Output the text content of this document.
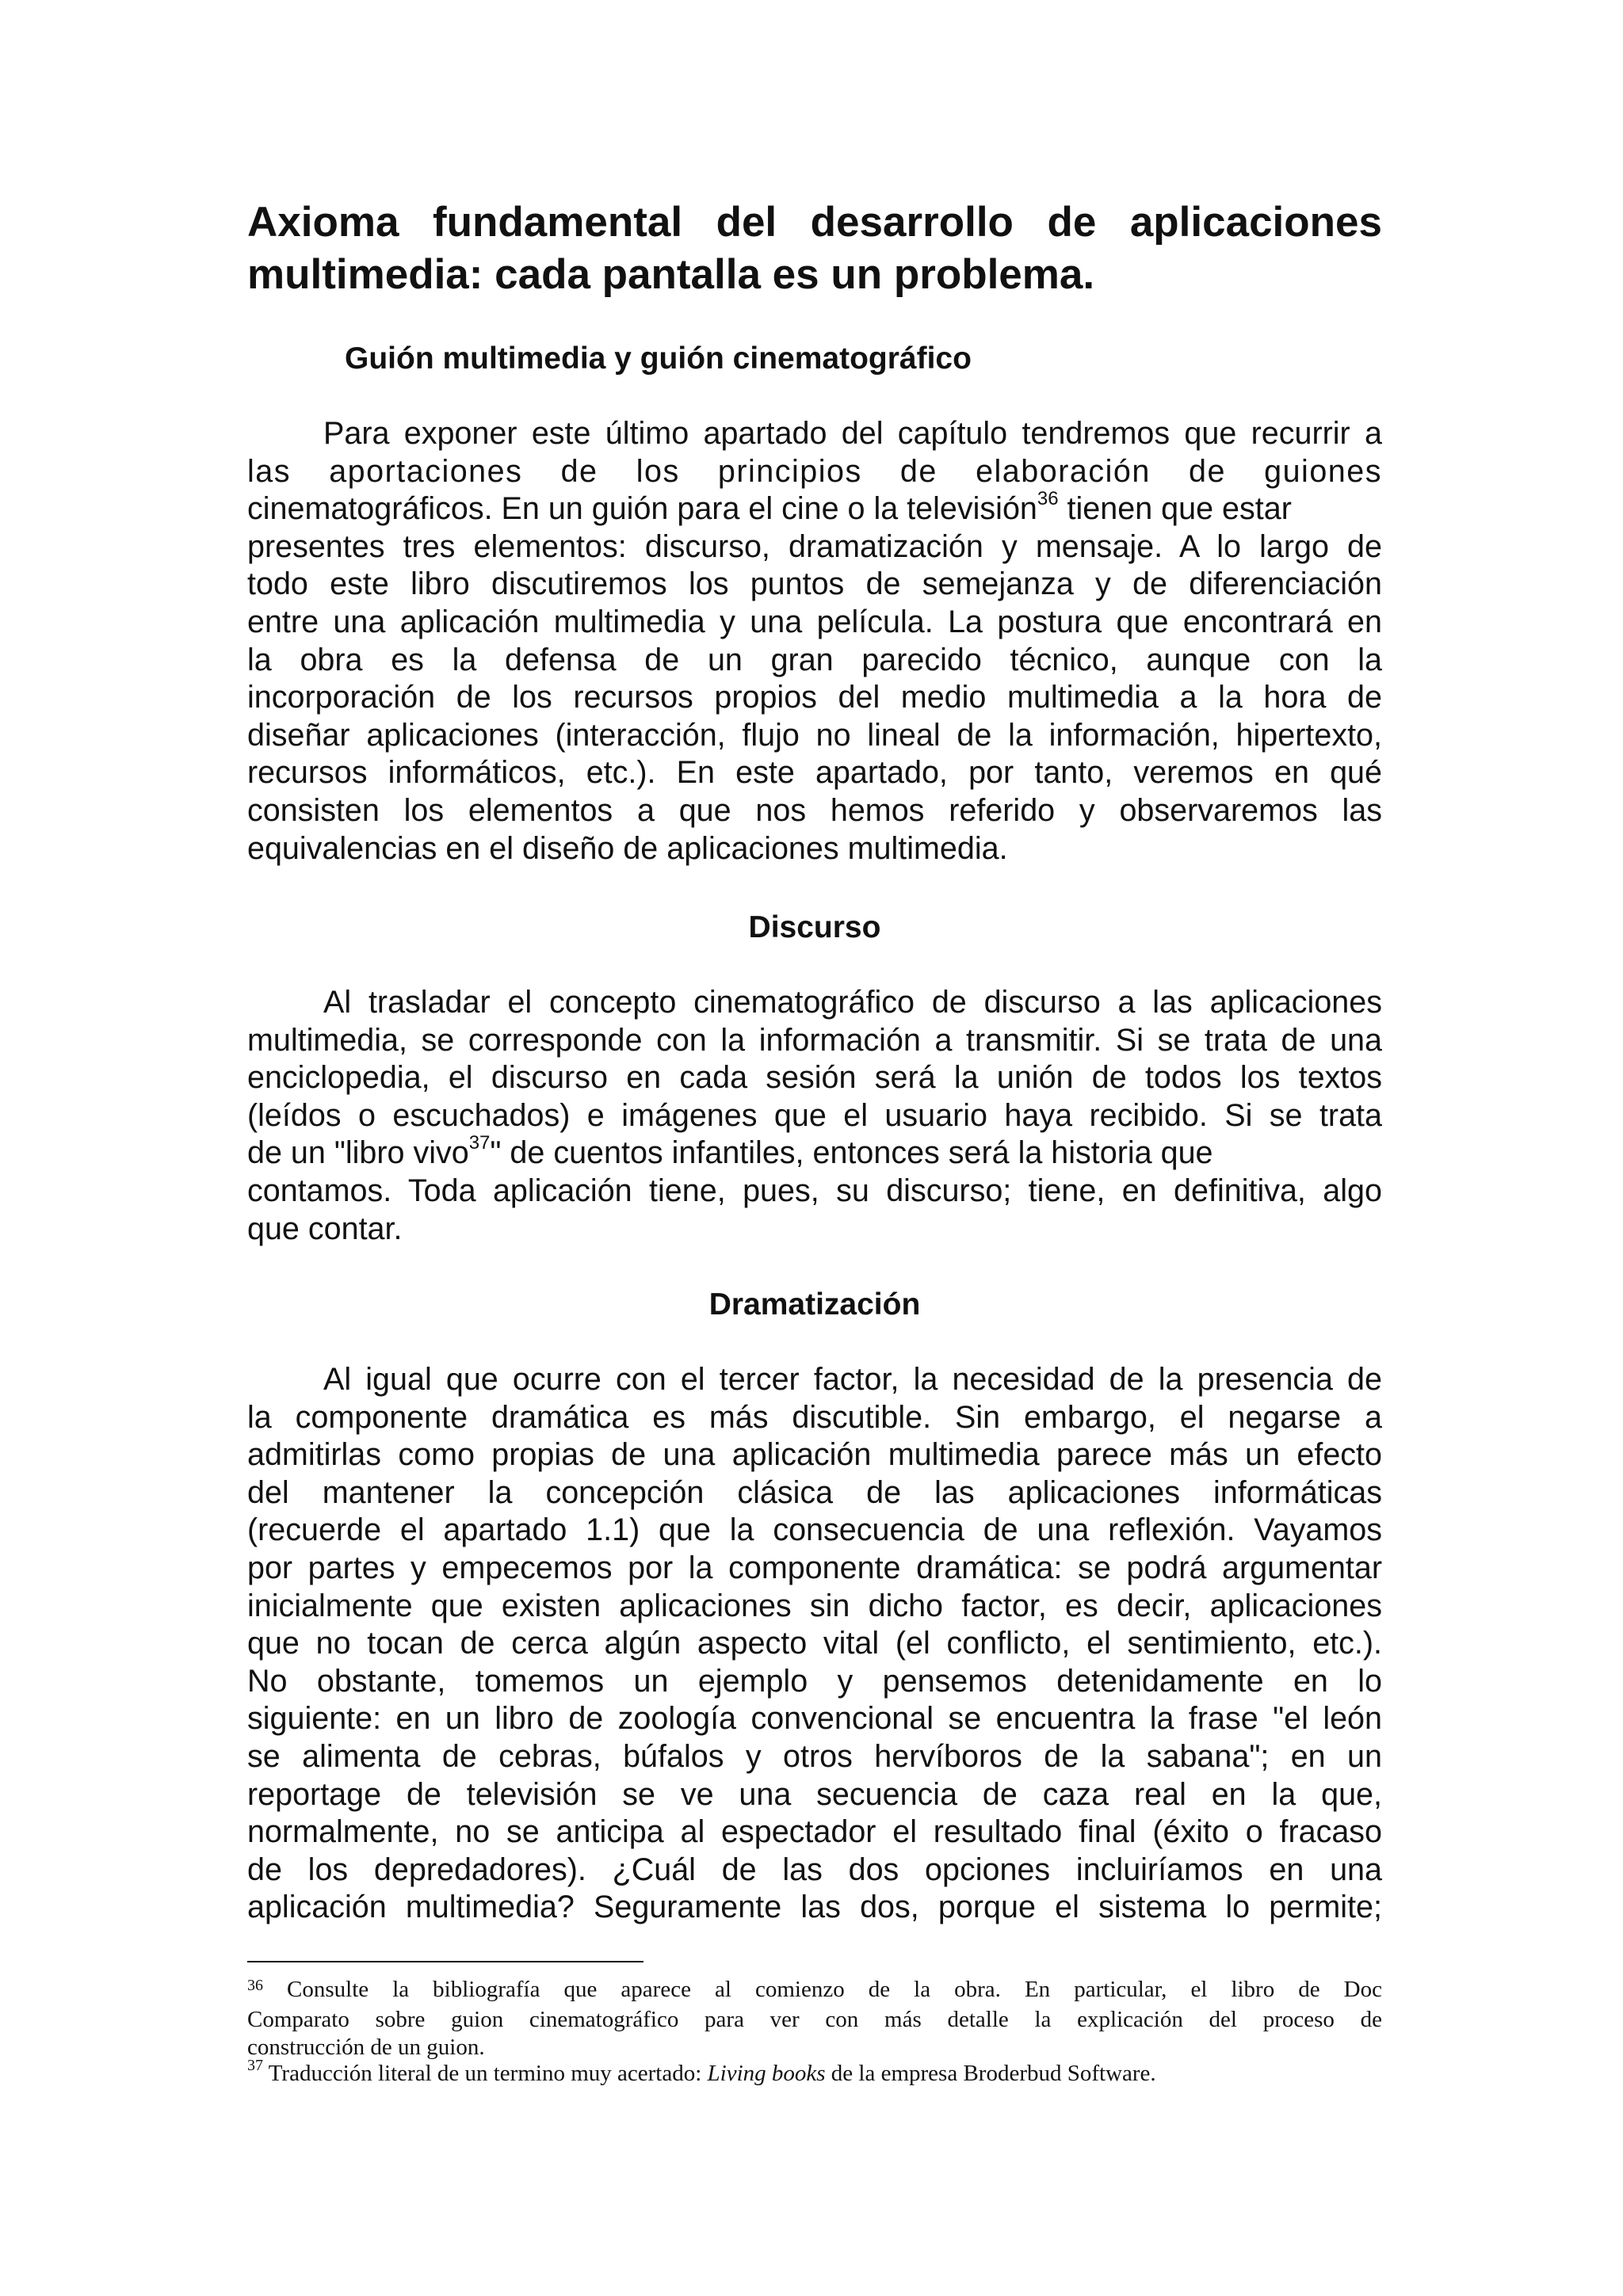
Axioma fundamental del desarrollo de aplicaciones
multimedia: cada pantalla es un problema.
Guión multimedia y guión cinematográfico
Para exponer este último apartado del capítulo tendremos que recurrir a
las aportaciones de los principios de elaboración de guiones
cinematográficos. En un guión para el cine o la televisión$^{36}$ tienen que estar
presentes tres elementos: discurso, dramatización y mensaje. A lo largo de
todo este libro discutiremos los puntos de semejanza y de diferenciación
entre una aplicación multimedia y una película. La postura que encontrará en
la obra es la defensa de un gran parecido técnico, aunque con la
incorporación de los recursos propios del medio multimedia a la hora de
diseñar aplicaciones (interacción, flujo no lineal de la información, hipertexto,
recursos informáticos, etc.). En este apartado, por tanto, veremos en qué
consisten los elementos a que nos hemos referido y observaremos las
equivalencias en el diseño de aplicaciones multimedia.
Discurso
Al trasladar el concepto cinematográfico de discurso a las aplicaciones
multimedia, se corresponde con la información a transmitir. Si se trata de una
enciclopedia, el discurso en cada sesión será la unión de todos los textos
(leídos o escuchados) e imágenes que el usuario haya recibido. Si se trata
de un "libro vivo$^{37}$" de cuentos infantiles, entonces será la historia que
contamos. Toda aplicación tiene, pues, su discurso; tiene, en definitiva, algo
que contar.
Dramatización
Al igual que ocurre con el tercer factor, la necesidad de la presencia de
la componente dramática es más discutible. Sin embargo, el negarse a
admitirlas como propias de una aplicación multimedia parece más un efecto
del mantener la concepción clásica de las aplicaciones informáticas
(recuerde el apartado 1.1) que la consecuencia de una reflexión. Vayamos
por partes y empecemos por la componente dramática: se podrá argumentar
inicialmente que existen aplicaciones sin dicho factor, es decir, aplicaciones
que no tocan de cerca algún aspecto vital (el conflicto, el sentimiento, etc.).
No obstante, tomemos un ejemplo y pensemos detenidamente en lo
siguiente: en un libro de zoología convencional se encuentra la frase "el león
se alimenta de cebras, búfalos y otros hervíboros de la sabana"; en un
reportage de televisión se ve una secuencia de caza real en la que,
normalmente, no se anticipa al espectador el resultado final (éxito o fracaso
de los depredadores). ¿Cuál de las dos opciones incluiríamos en una
aplicación multimedia? Seguramente las dos, porque el sistema lo permite;
$^{36}$ Consulte la bibliografía que aparece al comienzo de la obra. En particular, el libro de Doc
Comparato sobre guion cinematográfico para ver con más detalle la explicación del proceso de
construcción de un guion.
$^{37}$ Traducción literal de un termino muy acertado: Living books de la empresa Broderbud Software.
